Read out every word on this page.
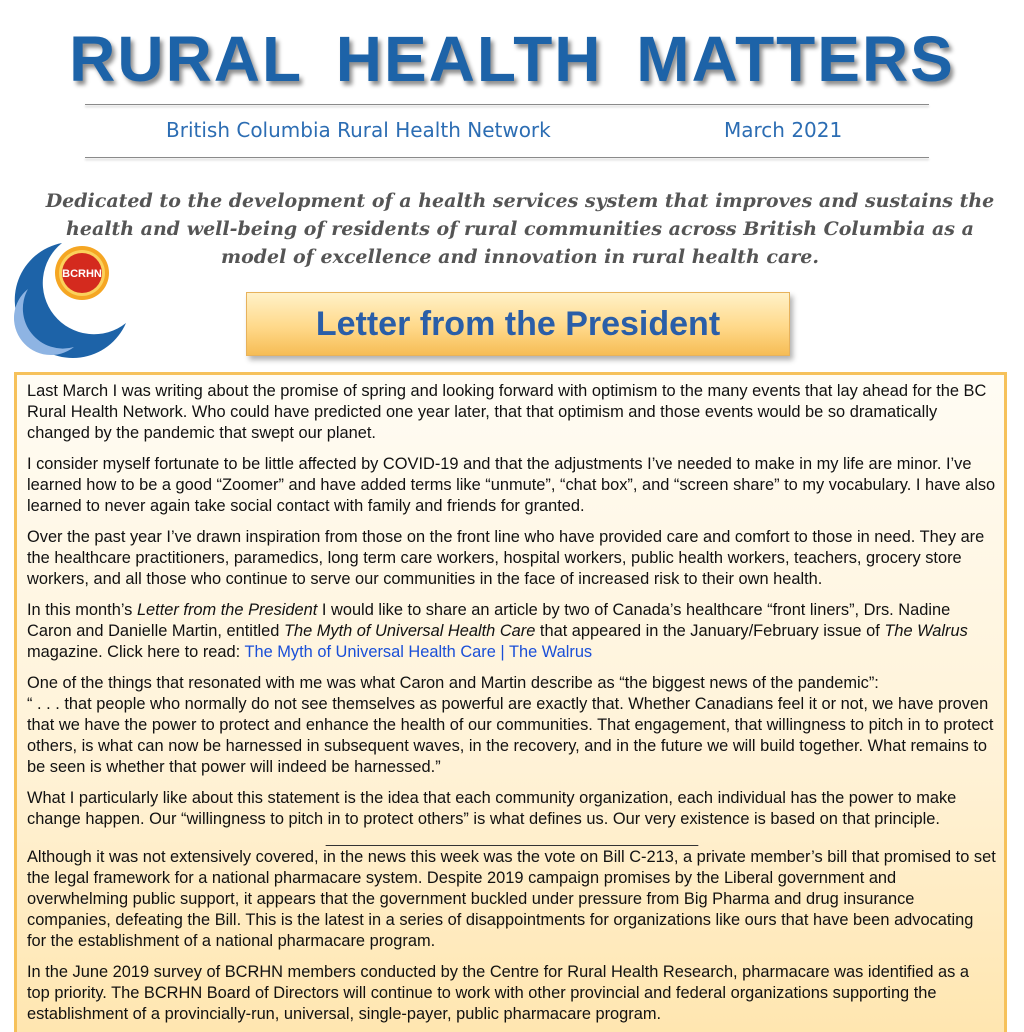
RURAL HEALTH MATTERS
British Columbia Rural Health Network	March 2021
Dedicated to the development of a health services system that improves and sustains the health and well-being of residents of rural communities across British Columbia as a model of excellence and innovation in rural health care.
BCRHN
Letter from the President

Last March I was writing about the promise of spring and looking forward with optimism to the many events that lay ahead for the BC Rural Health Network. Who could have predicted one year later, that that optimism and those events would be so dramatically changed by the pandemic that swept our planet.

I consider myself fortunate to be little affected by COVID-19 and that the adjustments I’ve needed to make in my life are minor. I’ve learned how to be a good “Zoomer” and have added terms like “unmute”, “chat box”, and “screen share” to my vocabulary. I have also learned to never again take social contact with family and friends for granted.

Over the past year I’ve drawn inspiration from those on the front line who have provided care and comfort to those in need. They are the healthcare practitioners, paramedics, long term care workers, hospital workers, public health workers, teachers, grocery store workers, and all those who continue to serve our communities in the face of increased risk to their own health.

In this month’s Letter from the President I would like to share an article by two of Canada’s healthcare “front liners”, Drs. Nadine Caron and Danielle Martin, entitled The Myth of Universal Health Care that appeared in the January/February issue of The Walrus magazine. Click here to read: The Myth of Universal Health Care | The Walrus

One of the things that resonated with me was what Caron and Martin describe as “the biggest news of the pandemic”:
“ . . . that people who normally do not see themselves as powerful are exactly that. Whether Canadians feel it or not, we have proven that we have the power to protect and enhance the health of our communities. That engagement, that willingness to pitch in to protect others, is what can now be harnessed in subsequent waves, in the recovery, and in the future we will build together. What remains to be seen is whether that power will indeed be harnessed.”

What I particularly like about this statement is the idea that each community organization, each individual has the power to make change happen. Our “willingness to pitch in to protect others” is what defines us. Our very existence is based on that principle.

_______________________________________________

Although it was not extensively covered, in the news this week was the vote on Bill C-213, a private member’s bill that promised to set the legal framework for a national pharmacare system. Despite 2019 campaign promises by the Liberal government and overwhelming public support, it appears that the government buckled under pressure from Big Pharma and drug insurance companies, defeating the Bill. This is the latest in a series of disappointments for organizations like ours that have been advocating for the establishment of a national pharmacare program.

In the June 2019 survey of BCRHN members conducted by the Centre for Rural Health Research, pharmacare was identified as a top priority. The BCRHN Board of Directors will continue to work with other provincial and federal organizations supporting the establishment of a provincially-run, universal, single-payer, public pharmacare program.
